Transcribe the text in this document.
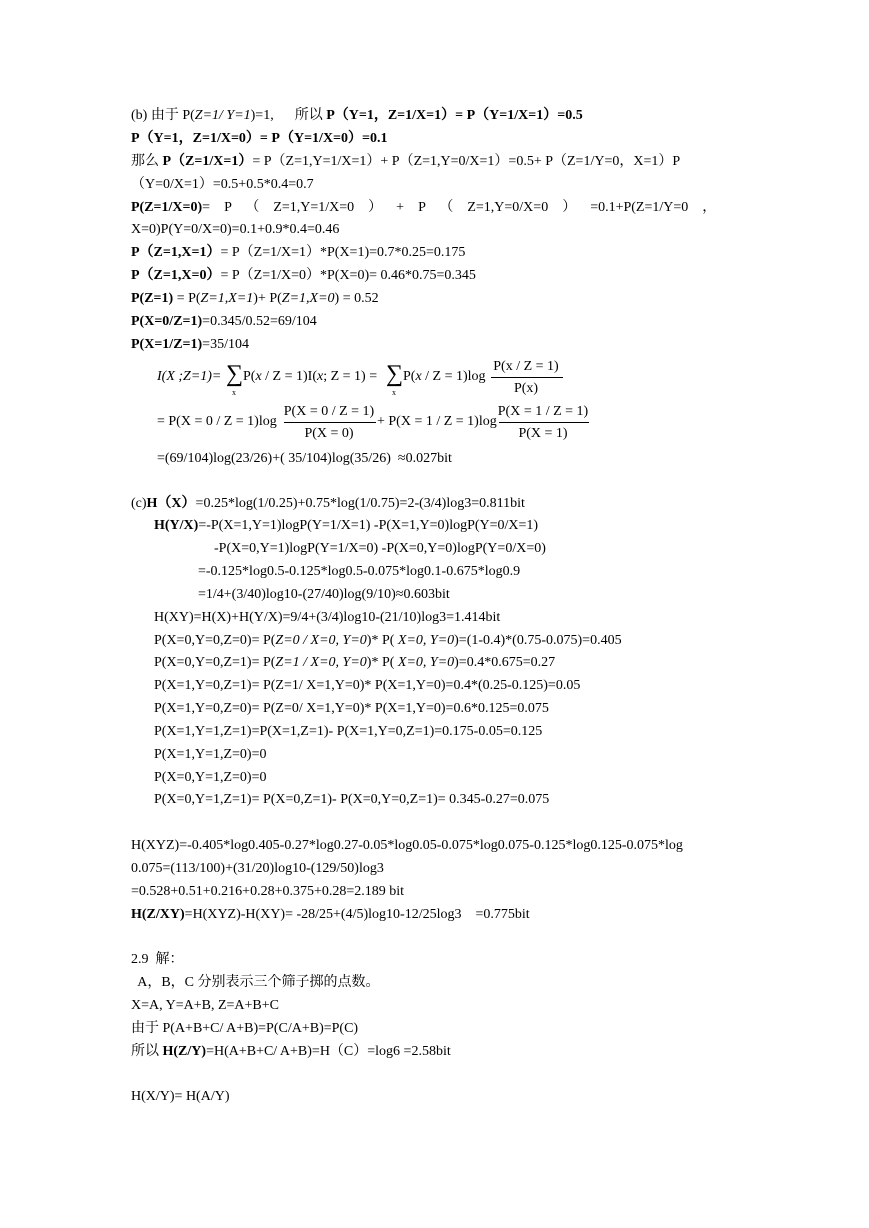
(b) 由于 P(Z=1/ Y=1)=1,      所以 P（Y=1，Z=1/X=1）= P（Y=1/X=1）=0.5
P（Y=1，Z=1/X=0）= P（Y=1/X=0）=0.1
那么 P（Z=1/X=1）= P（Z=1,Y=1/X=1）+ P（Z=1,Y=0/X=1）=0.5+ P（Z=1/Y=0，X=1）P
（Y=0/X=1）=0.5+0.5*0.4=0.7
P(Z=1/X=0)=    P    （    Z=1,Y=1/X=0    ）    +    P    （    Z=1,Y=0/X=0    ）    =0.1+P(Z=1/Y=0    ，
X=0)P(Y=0/X=0)=0.1+0.9*0.4=0.46
P（Z=1,X=1）= P（Z=1/X=1）*P(X=1)=0.7*0.25=0.175
P（Z=1,X=0）= P（Z=1/X=0）*P(X=0)= 0.46*0.75=0.345
P(Z=1) = P(Z=1,X=1)+ P(Z=1,X=0) = 0.52
P(X=0/Z=1)=0.345/0.52=69/104
P(X=1/Z=1)=35/104
I(X ;Z=1)= ∑
x
P(x / Z = 1)I(x; Z = 1) = ∑
x
P(x / Z = 1)log
P(x / Z = 1)
P(x)
= P(X = 0 / Z = 1)log
P(X = 0 / Z = 1)
P(X = 0)
+ P(X = 1 / Z = 1)log
P(X = 1 / Z = 1)
P(X = 1)
=(69/104)log(23/26)+( 35/104)log(35/26)  ≈0.027bit
(c)H（X）=0.25*log(1/0.25)+0.75*log(1/0.75)=2-(3/4)log3=0.811bit
H(Y/X)=-P(X=1,Y=1)logP(Y=1/X=1) -P(X=1,Y=0)logP(Y=0/X=1)
-P(X=0,Y=1)logP(Y=1/X=0) -P(X=0,Y=0)logP(Y=0/X=0)
=-0.125*log0.5-0.125*log0.5-0.075*log0.1-0.675*log0.9
=1/4+(3/40)log10-(27/40)log(9/10)≈0.603bit
H(XY)=H(X)+H(Y/X)=9/4+(3/4)log10-(21/10)log3=1.414bit
P(X=0,Y=0,Z=0)= P(Z=0 / X=0, Y=0)* P( X=0, Y=0)=(1-0.4)*(0.75-0.075)=0.405
P(X=0,Y=0,Z=1)= P(Z=1 / X=0, Y=0)* P( X=0, Y=0)=0.4*0.675=0.27
P(X=1,Y=0,Z=1)= P(Z=1/ X=1,Y=0)* P(X=1,Y=0)=0.4*(0.25-0.125)=0.05
P(X=1,Y=0,Z=0)= P(Z=0/ X=1,Y=0)* P(X=1,Y=0)=0.6*0.125=0.075
P(X=1,Y=1,Z=1)=P(X=1,Z=1)- P(X=1,Y=0,Z=1)=0.175-0.05=0.125
P(X=1,Y=1,Z=0)=0
P(X=0,Y=1,Z=0)=0
P(X=0,Y=1,Z=1)= P(X=0,Z=1)- P(X=0,Y=0,Z=1)= 0.345-0.27=0.075
H(XYZ)=-0.405*log0.405-0.27*log0.27-0.05*log0.05-0.075*log0.075-0.125*log0.125-0.075*log
0.075=(113/100)+(31/20)log10-(129/50)log3
=0.528+0.51+0.216+0.28+0.375+0.28=2.189 bit
H(Z/XY)=H(XYZ)-H(XY)= -28/25+(4/5)log10-12/25log3    =0.775bit
2.9  解：
A，B，C 分别表示三个筛子掷的点数。
X=A, Y=A+B, Z=A+B+C
由于 P(A+B+C/ A+B)=P(C/A+B)=P(C)
所以 H(Z/Y)=H(A+B+C/ A+B)=H（C）=log6 =2.58bit
H(X/Y)= H(A/Y)
